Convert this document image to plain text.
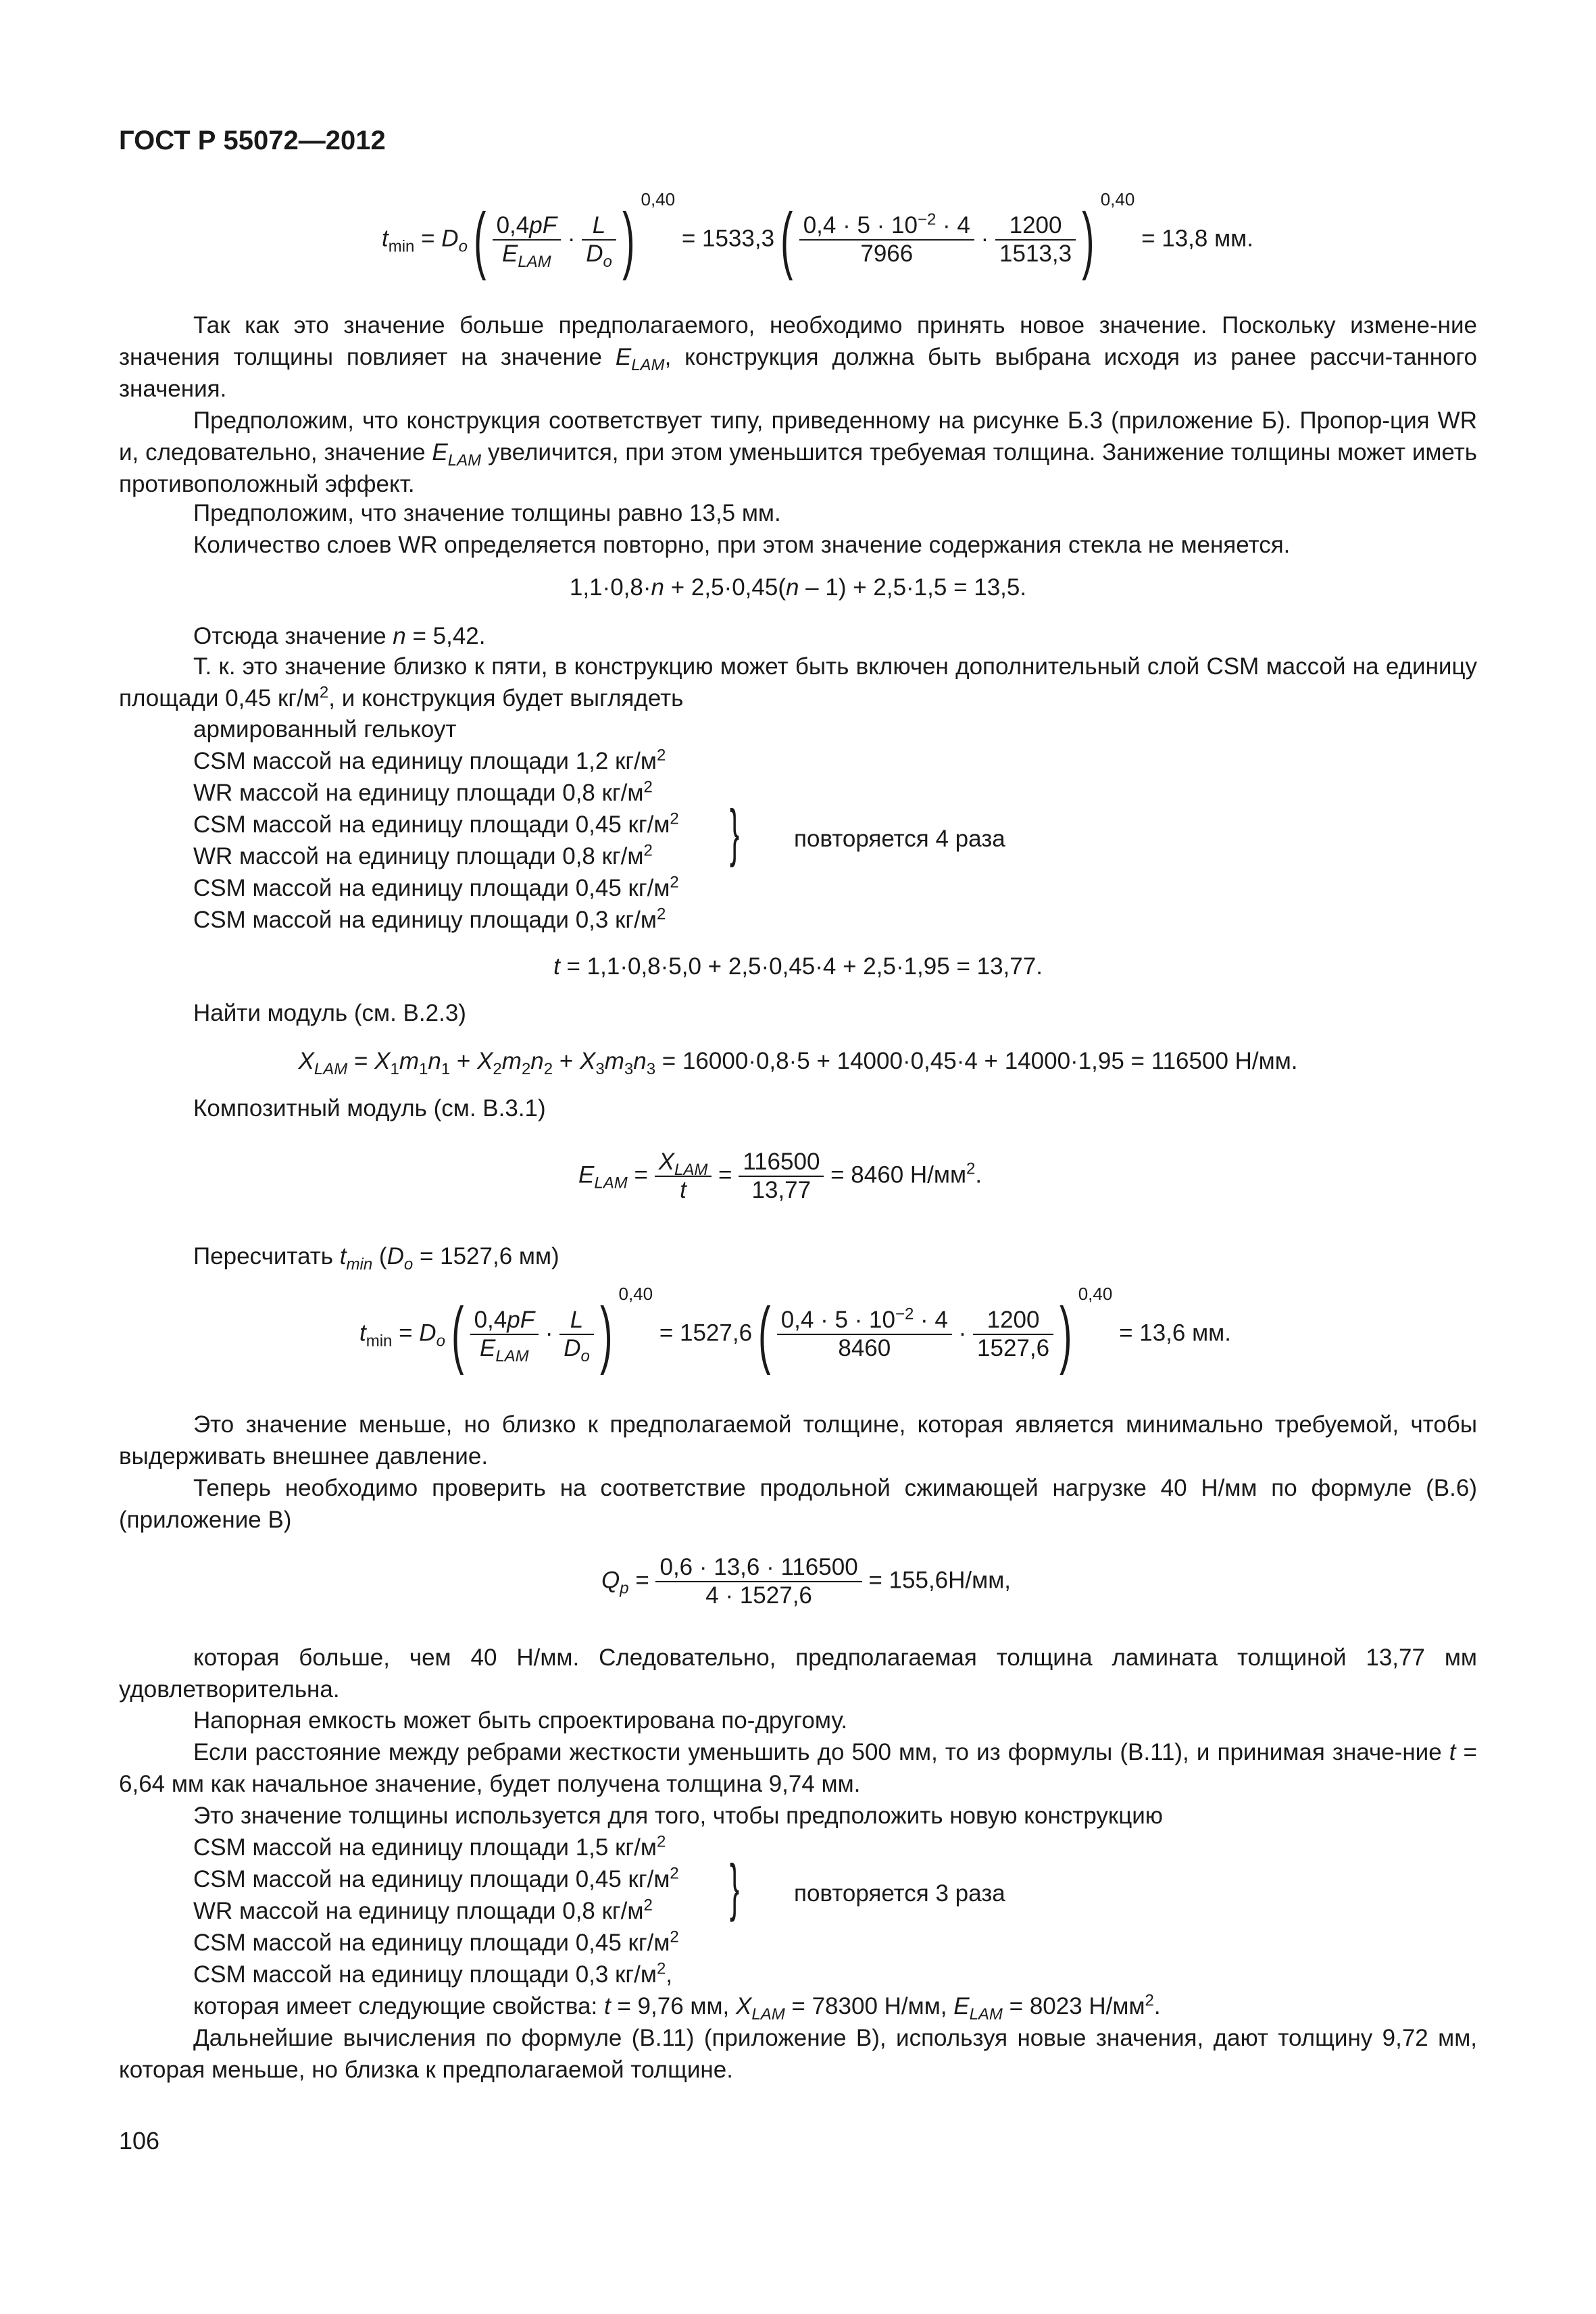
ГОСТ Р 55072—2012
$t_{min} = D_o( \frac{0,4pF}{E_{LAM}} \cdot \frac{L}{D_o}$ ) $0,40 = 1533,3( \frac{0,4 \cdot 5 \cdot 10^{-2} \cdot 4}{7966} \cdot \frac{1200}{1513,3}$ ) 0,40 = 13,8 мм.
Так как это значение больше предполагаемого, необходимо принять новое значение. Поскольку измене-ние значения толщины повлияет на значение $E_{LAM}$, конструкция должна быть выбрана исходя из ранее рассчи-танного значения.
Предположим, что конструкция соответствует типу, приведенному на рисунке Б.3 (приложение Б). Пропор-ция WR и, следовательно, значение $E_{LAM}$ увеличится, при этом уменьшится требуемая толщина. Занижение толщины может иметь противоположный эффект.
Предположим, что значение толщины равно 13,5 мм.
Количество слоев WR определяется повторно, при этом значение содержания стекла не меняется.
1,1·0,8·n + 2,5·0,45(n – 1) + 2,5·1,5 = 13,5.
Отсюда значение n = 5,42.
Т. к. это значение близко к пяти, в конструкцию может быть включен дополнительный слой CSM массой на единицу площади 0,45 $кг/м^2$, и конструкция будет выглядеть
армированный гелькоут
CSM массой на единицу площади 1,2 $кг/м^2$
WR массой на единицу площади 0,8 $кг/м^2$
CSM массой на единицу площади 0,45 $кг/м^2$
WR массой на единицу площади 0,8 $кг/м^2$
CSM массой на единицу площади 0,45 $кг/м^2$
CSM массой на единицу площади 0,3 $кг/м^2$
} повторяется 4 раза
t = 1,1·0,8·5,0 + 2,5·0,45·4 + 2,5·1,95 = 13,77.
Найти модуль (см. В.2.3)
$X_{LAM} = X_1m_1n_1 + X_2m_2n_2 + X_3m_3n_3 = 16000\cdot 0,8\cdot 5 + 14000\cdot 0,45\cdot 4 + 14000\cdot 1,95 = 116500$ Н/мм.
Композитный модуль (см. В.3.1)
$E_{LAM} = \frac{X_{LAM}}{t} = \frac{116500}{13,77} = 8460$ $Н/мм^2$.
Пересчитать $t_{min}$ ($D_o = 1527,6$ мм)
$t_{min} = D_o( \frac{0,4pF}{E_{LAM}} \cdot \frac{L}{D_o}$ ) $0,40 = 1527,6( \frac{0,4 \cdot 5 \cdot 10^{-2} \cdot 4}{8460} \cdot \frac{1200}{1527,6}$ ) 0,40 = 13,6 мм.
Это значение меньше, но близко к предполагаемой толщине, которая является минимально требуемой, чтобы выдерживать внешнее давление.
Теперь необходимо проверить на соответствие продольной сжимающей нагрузке 40 Н/мм по формуле (В.6) (приложение В)
$Q_p = \frac{0,6 \cdot 13,6 \cdot 116500}{4 \cdot 1527,6} = 155,6Н/мм$,
которая больше, чем 40 Н/мм. Следовательно, предполагаемая толщина ламината толщиной 13,77 мм удовлетворительна.
Напорная емкость может быть спроектирована по-другому.
Если расстояние между ребрами жесткости уменьшить до 500 мм, то из формулы (В.11), и принимая значе-ние t = 6,64 мм как начальное значение, будет получена толщина 9,74 мм.
Это значение толщины используется для того, чтобы предположить новую конструкцию
CSM массой на единицу площади 1,5 $кг/м^2$
CSM массой на единицу площади 0,45 $кг/м^2$
WR массой на единицу площади 0,8 $кг/м^2$
CSM массой на единицу площади 0,45 $кг/м^2$
CSM массой на единицу площади 0,3 $кг/м^2$,
} повторяется 3 раза
которая имеет следующие свойства: t = 9,76 мм, $X_{LAM} = 78300$ Н/мм, $E_{LAM} = 8023$ $Н/мм^2$.
Дальнейшие вычисления по формуле (В.11) (приложение В), используя новые значения, дают толщину 9,72 мм, которая меньше, но близка к предполагаемой толщине.
106
